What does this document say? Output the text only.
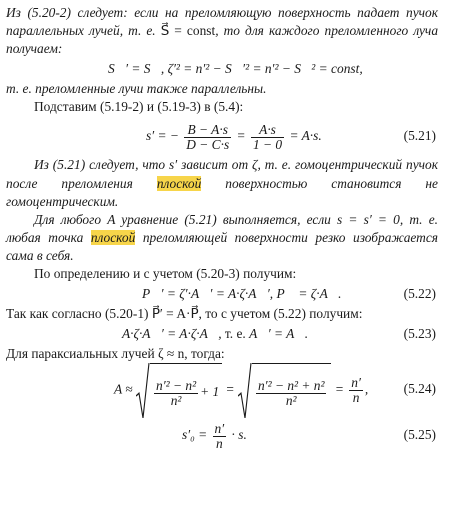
Из (5.20-2) следует: если на преломляющую поверхность падает пучок параллельных лучей, т. е. S⃗ = const, то для каждого преломленного луча получаем:

S⃗′ = S⃗, ζ′² = n′² − S⃗′² = n′² − S⃗² = const,

т. е. преломленные лучи также параллельны.

Подставим (5.19-2) и (5.19-3) в (5.4):

s′ = − $\frac{B - A\cdot s}{D - C\cdot s} = \frac{A\cdot s}{1 - 0} = A\cdot s$.	(5.21)

Из (5.21) следует, что s′ зависит от ζ, т. е. гомоцентрический пучок после преломления плоской поверхностью становится не гомоцентрическим.

Для любого A уравнение (5.21) выполняется, если s = s′ = 0, т. е. любая точка плоской преломляющей поверхности резко изображается сама в себя.

По определению и с учетом (5.20-3) получим:

P⃗′ = ζ′·A⃗′ = A·ζ·A⃗′, P⃗ = ζ·A⃗.	(5.22)

Так как согласно (5.20-1) P⃗′ = A·P⃗, то с учетом (5.22) получим:

A·ζ·A⃗′ = A·ζ·A⃗, т. е. A⃗′ = A⃗.	(5.23)

Для параксиальных лучей ζ ≈ n, тогда:

$A \approx \frac{\text{n′² − n²}}{\text{n²}} + 1 = \frac{\text{n′² − n² + n²}}{\text{n²}} = \frac{n'}{n}$ ,	(5.24)
$s'_0 = \frac{n'}{n} \cdot s$.	(5.25)
